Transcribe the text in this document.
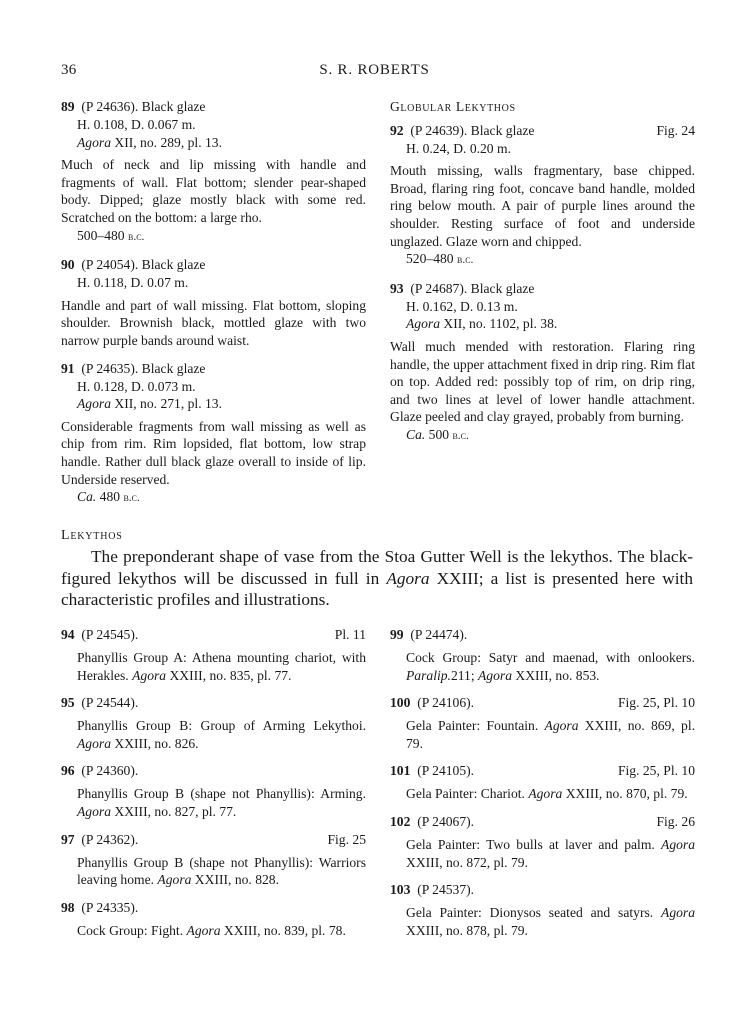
36	S. R. ROBERTS
89 (P 24636). Black glaze
H. 0.108, D. 0.067 m.
Agora XII, no. 289, pl. 13.
Much of neck and lip missing with handle and fragments of wall. Flat bottom; slender pear-shaped body. Dipped; glaze mostly black with some red. Scratched on the bottom: a large rho.
500–480 b.c.
90 (P 24054). Black glaze
H. 0.118, D. 0.07 m.
Handle and part of wall missing. Flat bottom, sloping shoulder. Brownish black, mottled glaze with two narrow purple bands around waist.
91 (P 24635). Black glaze
H. 0.128, D. 0.073 m.
Agora XII, no. 271, pl. 13.
Considerable fragments from wall missing as well as chip from rim. Rim lopsided, flat bottom, low strap handle. Rather dull black glaze overall to inside of lip. Underside reserved.
Ca. 480 b.c.
Globular Lekythos
92 (P 24639). Black glaze	Fig. 24
H. 0.24, D. 0.20 m.
Mouth missing, walls fragmentary, base chipped. Broad, flaring ring foot, concave band handle, molded ring below mouth. A pair of purple lines around the shoulder. Resting surface of foot and underside unglazed. Glaze worn and chipped.
520–480 b.c.
93 (P 24687). Black glaze
H. 0.162, D. 0.13 m.
Agora XII, no. 1102, pl. 38.
Wall much mended with restoration. Flaring ring handle, the upper attachment fixed in drip ring. Rim flat on top. Added red: possibly top of rim, on drip ring, and two lines at level of lower handle attachment. Glaze peeled and clay grayed, probably from burning.
Ca. 500 b.c.
Lekythos
The preponderant shape of vase from the Stoa Gutter Well is the lekythos. The black-figured lekythos will be discussed in full in Agora XXIII; a list is presented here with characteristic profiles and illustrations.
94 (P 24545).	Pl. 11
Phanyllis Group A: Athena mounting chariot, with Herakles. Agora XXIII, no. 835, pl. 77.
95 (P 24544).
Phanyllis Group B: Group of Arming Lekythoi. Agora XXIII, no. 826.
96 (P 24360).
Phanyllis Group B (shape not Phanyllis): Arming. Agora XXIII, no. 827, pl. 77.
97 (P 24362).	Fig. 25
Phanyllis Group B (shape not Phanyllis): Warriors leaving home. Agora XXIII, no. 828.
98 (P 24335).
Cock Group: Fight. Agora XXIII, no. 839, pl. 78.
99 (P 24474).
Cock Group: Satyr and maenad, with onlookers. Paralip.211; Agora XXIII, no. 853.
100 (P 24106).	Fig. 25, Pl. 10
Gela Painter: Fountain. Agora XXIII, no. 869, pl. 79.
101 (P 24105).	Fig. 25, Pl. 10
Gela Painter: Chariot. Agora XXIII, no. 870, pl. 79.
102 (P 24067).	Fig. 26
Gela Painter: Two bulls at laver and palm. Agora XXIII, no. 872, pl. 79.
103 (P 24537).
Gela Painter: Dionysos seated and satyrs. Agora XXIII, no. 878, pl. 79.
